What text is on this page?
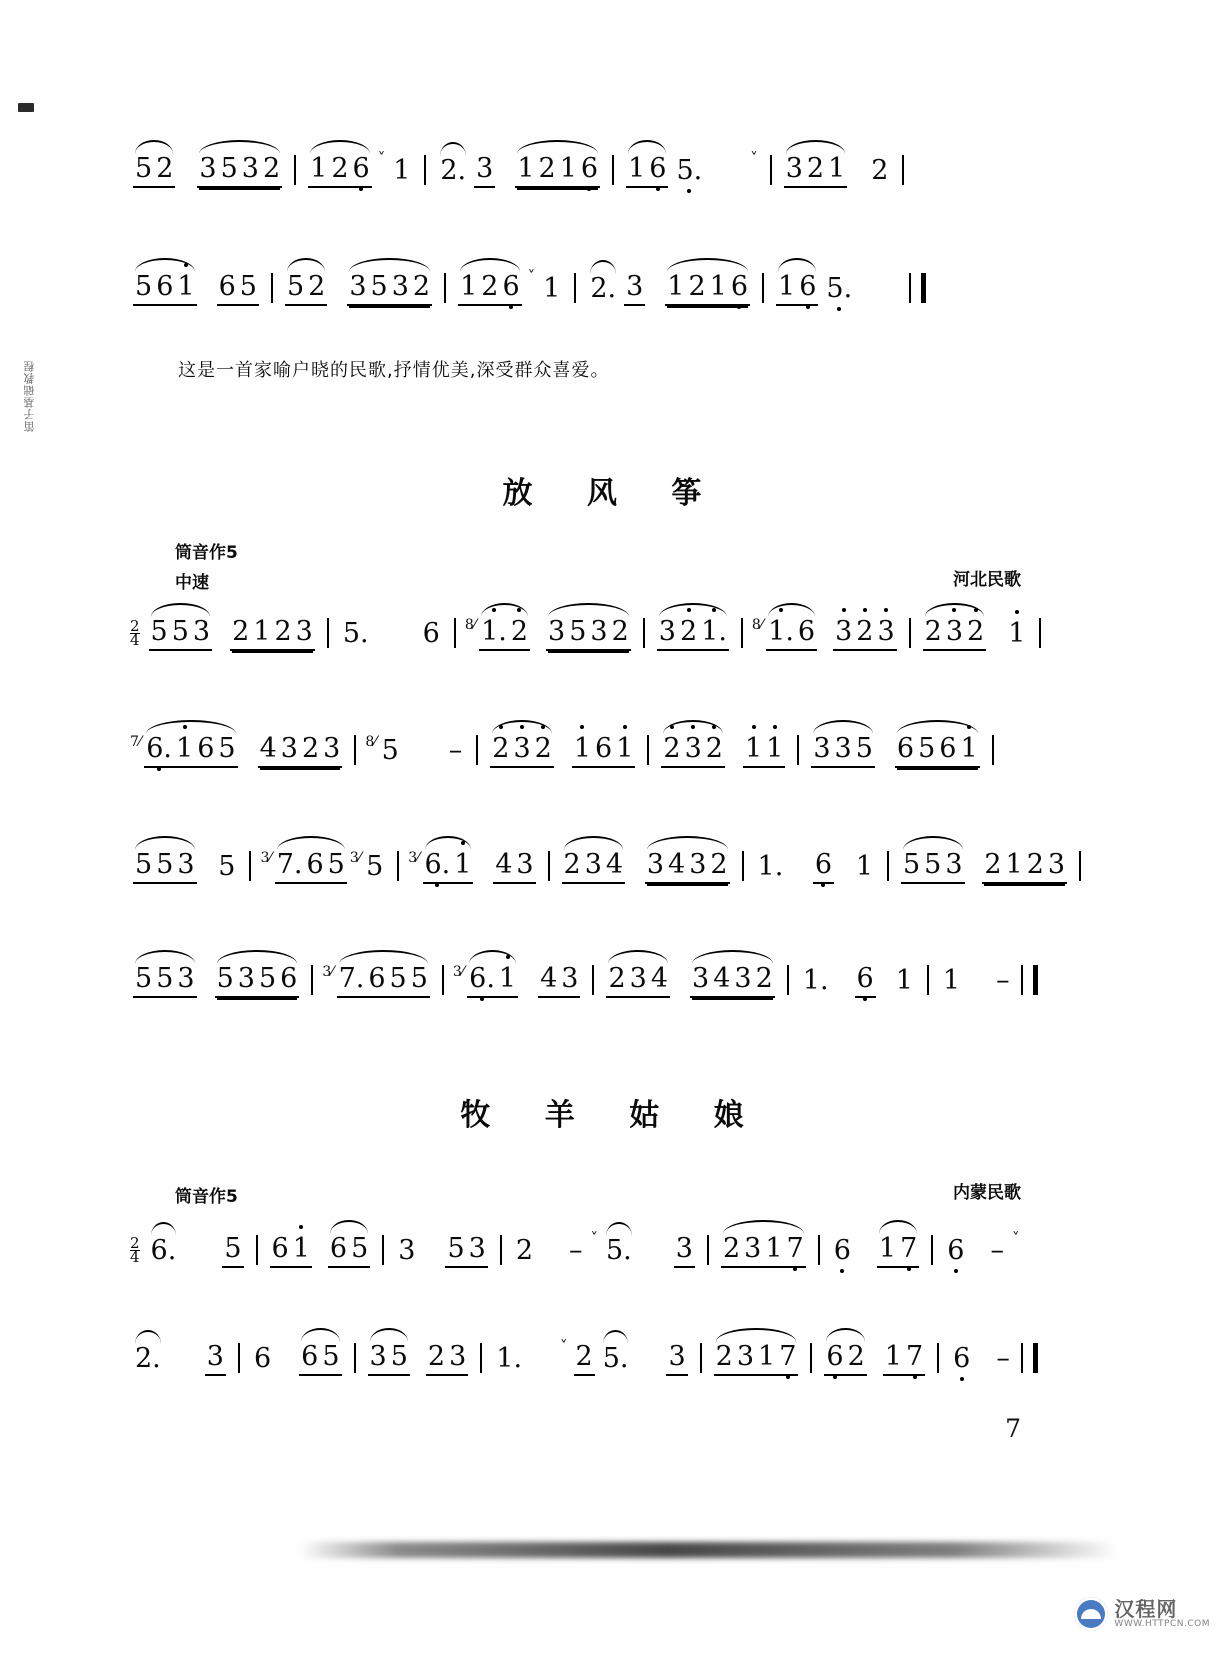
笛子基础教程
5 2 3 5 3 2 1 2 6 ˅ 1 2. 3 1 2 1 6 1 6 5.	˅ 3 2 1 2
5 6 1 6 5 5 2 3 5 3 2 1 2 6 ˅ 1 2. 3 1 2 1 6 1 6 5.
这是一首家喻户晓的民歌,抒情优美,深受群众喜爱。
放 风 筝
筒音作5
中速	河北民歌
2
4 5 5 3 2 1 2 3 5. 6 8⁄ 1. 2 3 5 3 2 3 2 1. 8⁄ 1. 6 3 2 3 2 3 2 1
7⁄ 6. 1 6 5 4 3 2 3 8⁄ 5 – 2 3 2 1 6 1 2 3 2 1 1 3 3 5 6 5 6 1
5 5 3 5 3⁄ 7. 6 5 3⁄ 5 3⁄ 6. 1 4 3 2 3 4 3 4 3 2 1. 6 1 5 5 3 2 1 2 3
5 5 3 5 3 5 6 3⁄ 7. 6 5 5 3⁄ 6. 1 4 3 2 3 4 3 4 3 2 1. 6 1 1 –
牧 羊 姑 娘
筒音作5	内蒙民歌
2
4 6. 5 6 1 6 5 3 5 3 2 – ˅ 5. 3 2 3 1 7 6 1 7 6 – ˅
2. 3 6 6 5 3 5 2 3 1.	˅ 2 5. 3 2 3 1 7 6 2 1 7 6 –
7
汉程网
WWW.HTTPCN.COM
